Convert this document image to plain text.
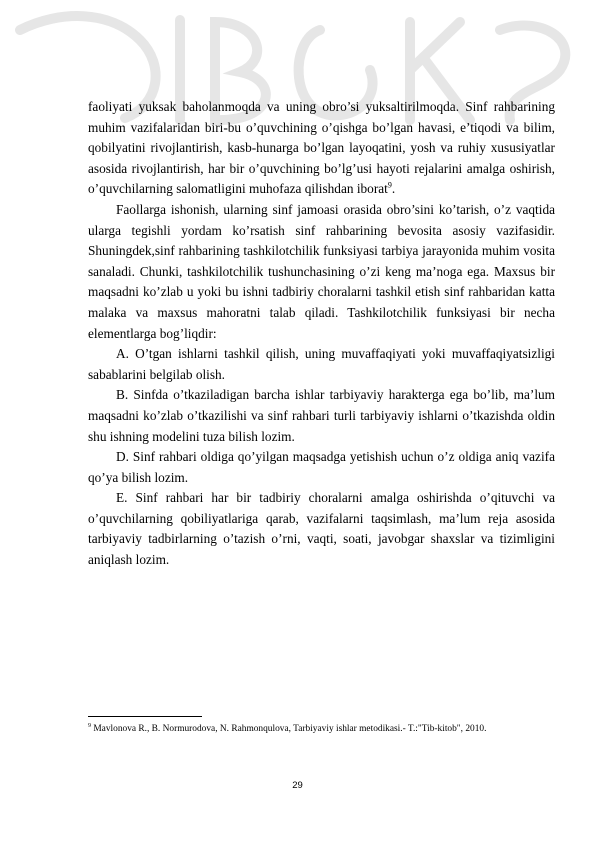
faoliyati yuksak baholanmoqda va uning obro’si yuksaltirilmoqda. Sinf rahbarining muhim vazifalaridan biri-bu o’quvchining o’qishga bo’lgan havasi, e’tiqodi va bilim, qobilyatini rivojlantirish, kasb-hunarga bo’lgan layoqatini, yosh va ruhiy xususiyatlar asosida rivojlantirish, har bir o’quvchining bo’lg’usi hayoti rejalarini amalga oshirish, o’quvchilarning salomatligini muhofaza qilishdan iborat$^9$.

Faollarga ishonish, ularning sinf jamoasi orasida obro’sini ko’tarish, o’z vaqtida ularga tegishli yordam ko’rsatish sinf rahbarining bevosita asosiy vazifasidir. Shuningdek,sinf rahbarining tashkilotchilik funksiyasi tarbiya jarayonida muhim vosita sanaladi. Chunki, tashkilotchilik tushunchasining o’zi keng ma’noga ega. Maxsus bir maqsadni ko’zlab u yoki bu ishni tadbiriy choralarni tashkil etish sinf rahbaridan katta malaka va maxsus mahoratni talab qiladi. Tashkilotchilik funksiyasi bir necha elementlarga bog’liqdir:

A. O’tgan ishlarni tashkil qilish, uning muvaffaqiyati yoki muvaffaqiyatsizligi sabablarini belgilab olish.

B. Sinfda o’tkaziladigan barcha ishlar tarbiyaviy harakterga ega bo’lib, ma’lum maqsadni ko’zlab o’tkazilishi va sinf rahbari turli tarbiyaviy ishlarni o’tkazishda oldin shu ishning modelini tuza bilish lozim.

D. Sinf rahbari oldiga qo’yilgan maqsadga yetishish uchun o’z oldiga aniq vazifa qo’ya bilish lozim.

E. Sinf rahbari har bir tadbiriy choralarni amalga oshirishda o’qituvchi va o’quvchilarning qobiliyatlariga qarab, vazifalarni taqsimlash, ma’lum reja asosida tarbiyaviy tadbirlarning o’tazish o’rni, vaqti, soati, javobgar shaxslar va tizimligini aniqlash lozim.

$^9$ Mavlonova R., B. Normurodova, N. Rahmonqulova, Tarbiyaviy ishlar metodikasi.- T.:"Tib-kitob", 2010.
29
